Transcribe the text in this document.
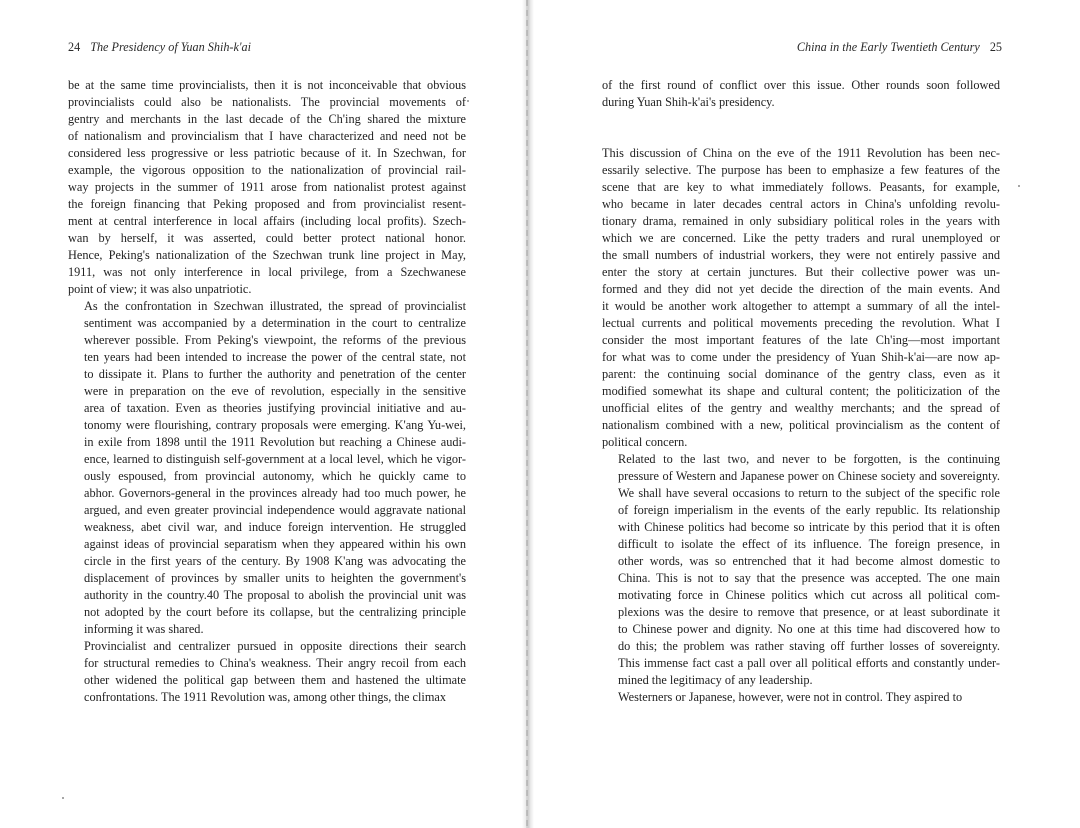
24 The Presidency of Yuan Shih-k'ai

be at the same time provincialists, then it is not inconceivable that obvious
provincialists could also be nationalists. The provincial movements of
gentry and merchants in the last decade of the Ch'ing shared the mixture
of nationalism and provincialism that I have characterized and need not be
considered less progressive or less patriotic because of it. In Szechwan, for
example, the vigorous opposition to the nationalization of provincial rail-
way projects in the summer of 1911 arose from nationalist protest against
the foreign financing that Peking proposed and from provincialist resent-
ment at central interference in local affairs (including local profits). Szech-
wan by herself, it was asserted, could better protect national honor.
Hence, Peking's nationalization of the Szechwan trunk line project in May,
1911, was not only interference in local privilege, from a Szechwanese
point of view; it was also unpatriotic.

As the confrontation in Szechwan illustrated, the spread of provincialist
sentiment was accompanied by a determination in the court to centralize
wherever possible. From Peking's viewpoint, the reforms of the previous
ten years had been intended to increase the power of the central state, not
to dissipate it. Plans to further the authority and penetration of the center
were in preparation on the eve of revolution, especially in the sensitive
area of taxation. Even as theories justifying provincial initiative and au-
tonomy were flourishing, contrary proposals were emerging. K'ang Yu-wei,
in exile from 1898 until the 1911 Revolution but reaching a Chinese audi-
ence, learned to distinguish self-government at a local level, which he vigor-
ously espoused, from provincial autonomy, which he quickly came to
abhor. Governors-general in the provinces already had too much power, he
argued, and even greater provincial independence would aggravate national
weakness, abet civil war, and induce foreign intervention. He struggled
against ideas of provincial separatism when they appeared within his own
circle in the first years of the century. By 1908 K'ang was advocating the
displacement of provinces by smaller units to heighten the government's
authority in the country.40 The proposal to abolish the provincial unit was
not adopted by the court before its collapse, but the centralizing principle
informing it was shared.

Provincialist and centralizer pursued in opposite directions their search
for structural remedies to China's weakness. Their angry recoil from each
other widened the political gap between them and hastened the ultimate
confrontations. The 1911 Revolution was, among other things, the climax

China in the Early Twentieth Century 25

of the first round of conflict over this issue. Other rounds soon followed
during Yuan Shih-k'ai's presidency.

This discussion of China on the eve of the 1911 Revolution has been nec-
essarily selective. The purpose has been to emphasize a few features of the
scene that are key to what immediately follows. Peasants, for example,
who became in later decades central actors in China's unfolding revolu-
tionary drama, remained in only subsidiary political roles in the years with
which we are concerned. Like the petty traders and rural unemployed or
the small numbers of industrial workers, they were not entirely passive and
enter the story at certain junctures. But their collective power was un-
formed and they did not yet decide the direction of the main events. And
it would be another work altogether to attempt a summary of all the intel-
lectual currents and political movements preceding the revolution. What I
consider the most important features of the late Ch'ing—most important
for what was to come under the presidency of Yuan Shih-k'ai—are now ap-
parent: the continuing social dominance of the gentry class, even as it
modified somewhat its shape and cultural content; the politicization of the
unofficial elites of the gentry and wealthy merchants; and the spread of
nationalism combined with a new, political provincialism as the content of
political concern.

Related to the last two, and never to be forgotten, is the continuing
pressure of Western and Japanese power on Chinese society and sovereignty.
We shall have several occasions to return to the subject of the specific role
of foreign imperialism in the events of the early republic. Its relationship
with Chinese politics had become so intricate by this period that it is often
difficult to isolate the effect of its influence. The foreign presence, in
other words, was so entrenched that it had become almost domestic to
China. This is not to say that the presence was accepted. The one main
motivating force in Chinese politics which cut across all political com-
plexions was the desire to remove that presence, or at least subordinate it
to Chinese power and dignity. No one at this time had discovered how to
do this; the problem was rather staving off further losses of sovereignty.
This immense fact cast a pall over all political efforts and constantly under-
mined the legitimacy of any leadership.

Westerners or Japanese, however, were not in control. They aspired to
